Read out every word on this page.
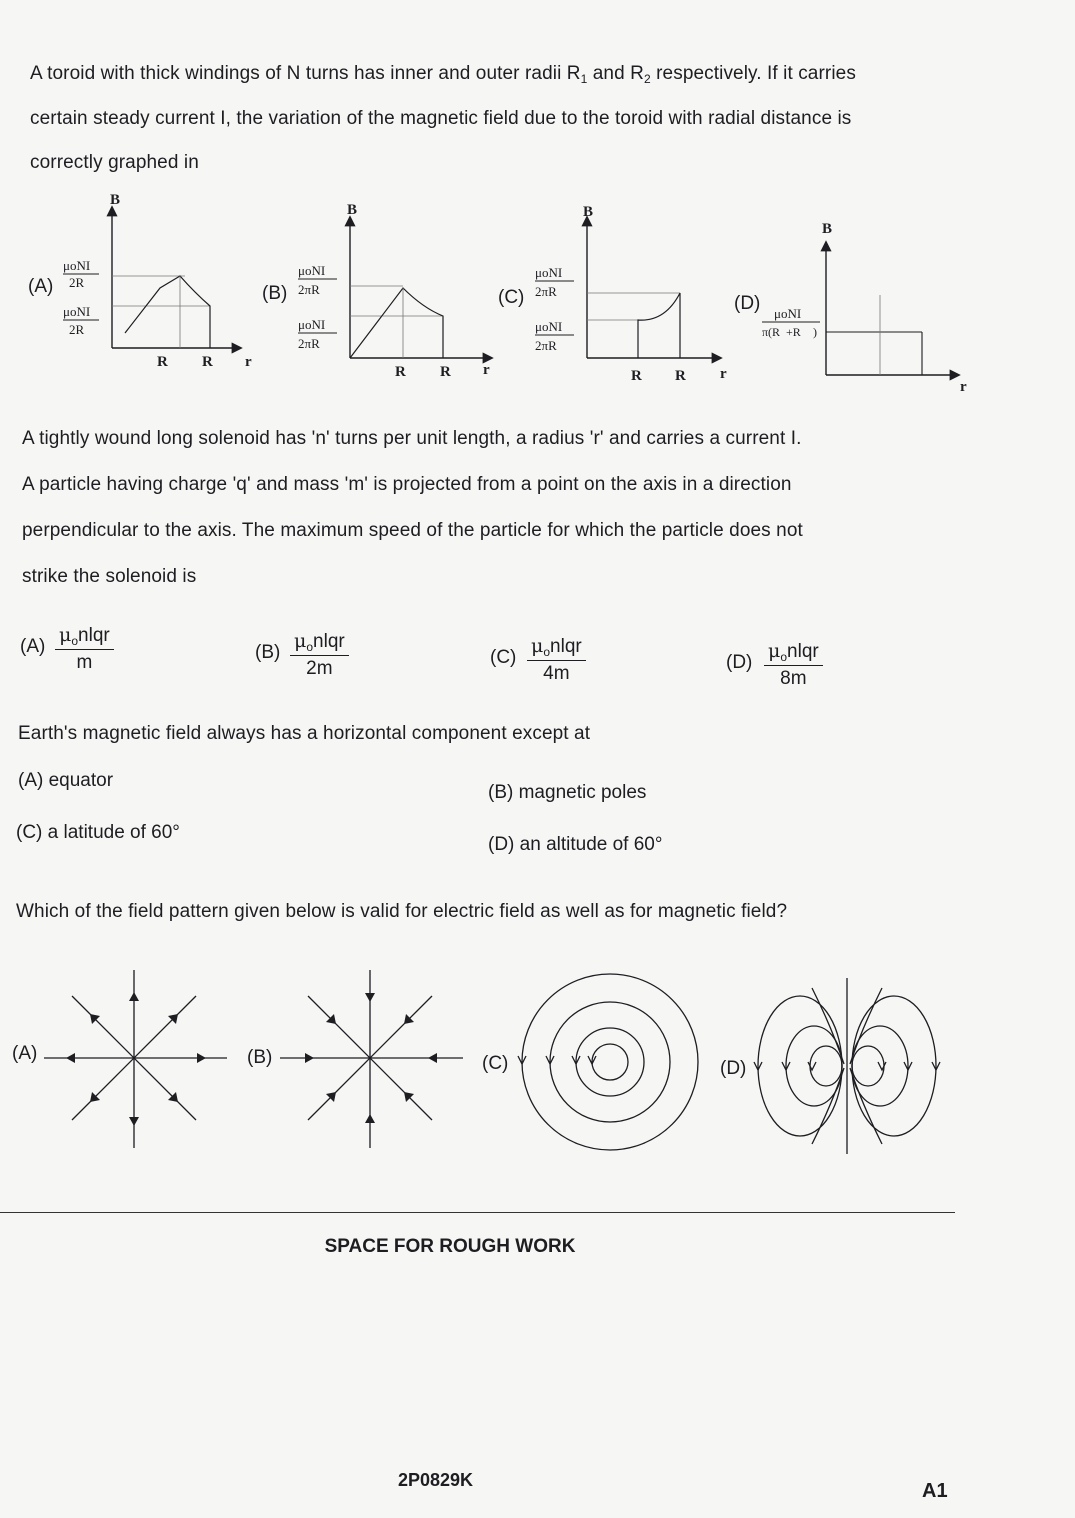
A toroid with thick windings of N turns has inner and outer radii $R_1$ and $R_2$ respectively. If it carries

certain steady current I, the variation of the magnetic field due to the toroid with radial distance is

correctly graphed in

(A)	(B)	(C)	(D)
B
r
μoNI
2R
μoNI
2R
R R
B
r
μoNI
2πR
μoNI
2πR
R R
B
r
μoNI
2πR
μoNI
2πR
R R
B
r
μoNI
π(R +R )

A tightly wound long solenoid has 'n' turns per unit length, a radius 'r' and carries a current I.

A particle having charge 'q' and mass 'm' is projected from a point on the axis in a direction

perpendicular to the axis. The maximum speed of the particle for which the particle does not

strike the solenoid is

(A)
$\mu_onlqr$
m	(B)
$\mu_onlqr$
2m
(C)
$\mu_onlqr$
4m
(D)
$\mu_onlqr$
8m

Earth's magnetic field always has a horizontal component except at

(A) equator
(B) magnetic poles
(C) a latitude of 60°
(D) an altitude of 60°

Which of the field pattern given below is valid for electric field as well as for magnetic field?

(A)	(B)	(C)	(D)
SPACE FOR ROUGH WORK
2P0829K	A1
